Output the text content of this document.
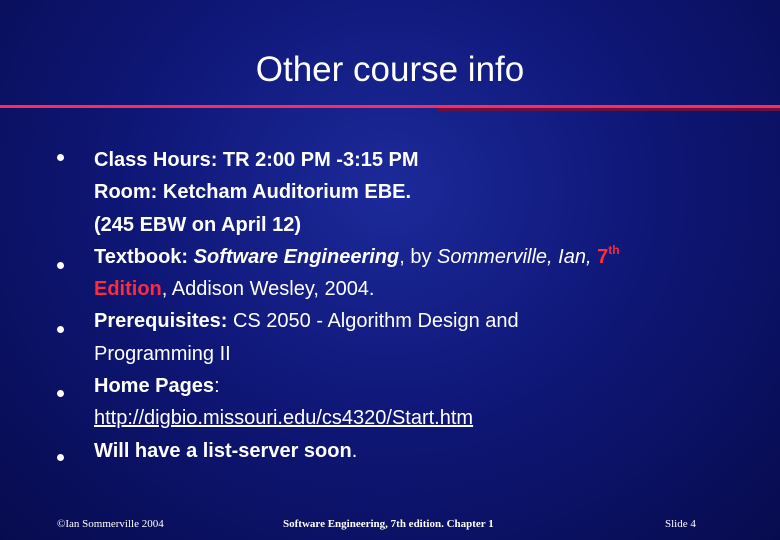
Other course info
Class Hours: TR 2:00 PM -3:15 PM
Room: Ketcham Auditorium EBE.
(245 EBW on April 12)
Textbook: Software Engineering, by Sommerville, Ian, 7th
Edition, Addison Wesley, 2004.
Prerequisites: CS 2050 - Algorithm Design and
Programming II
Home Pages:
http://digbio.missouri.edu/cs4320/Start.htm
Will have a list-server soon.
©Ian Sommerville 2004	Software Engineering, 7th edition. Chapter 1	Slide 4
